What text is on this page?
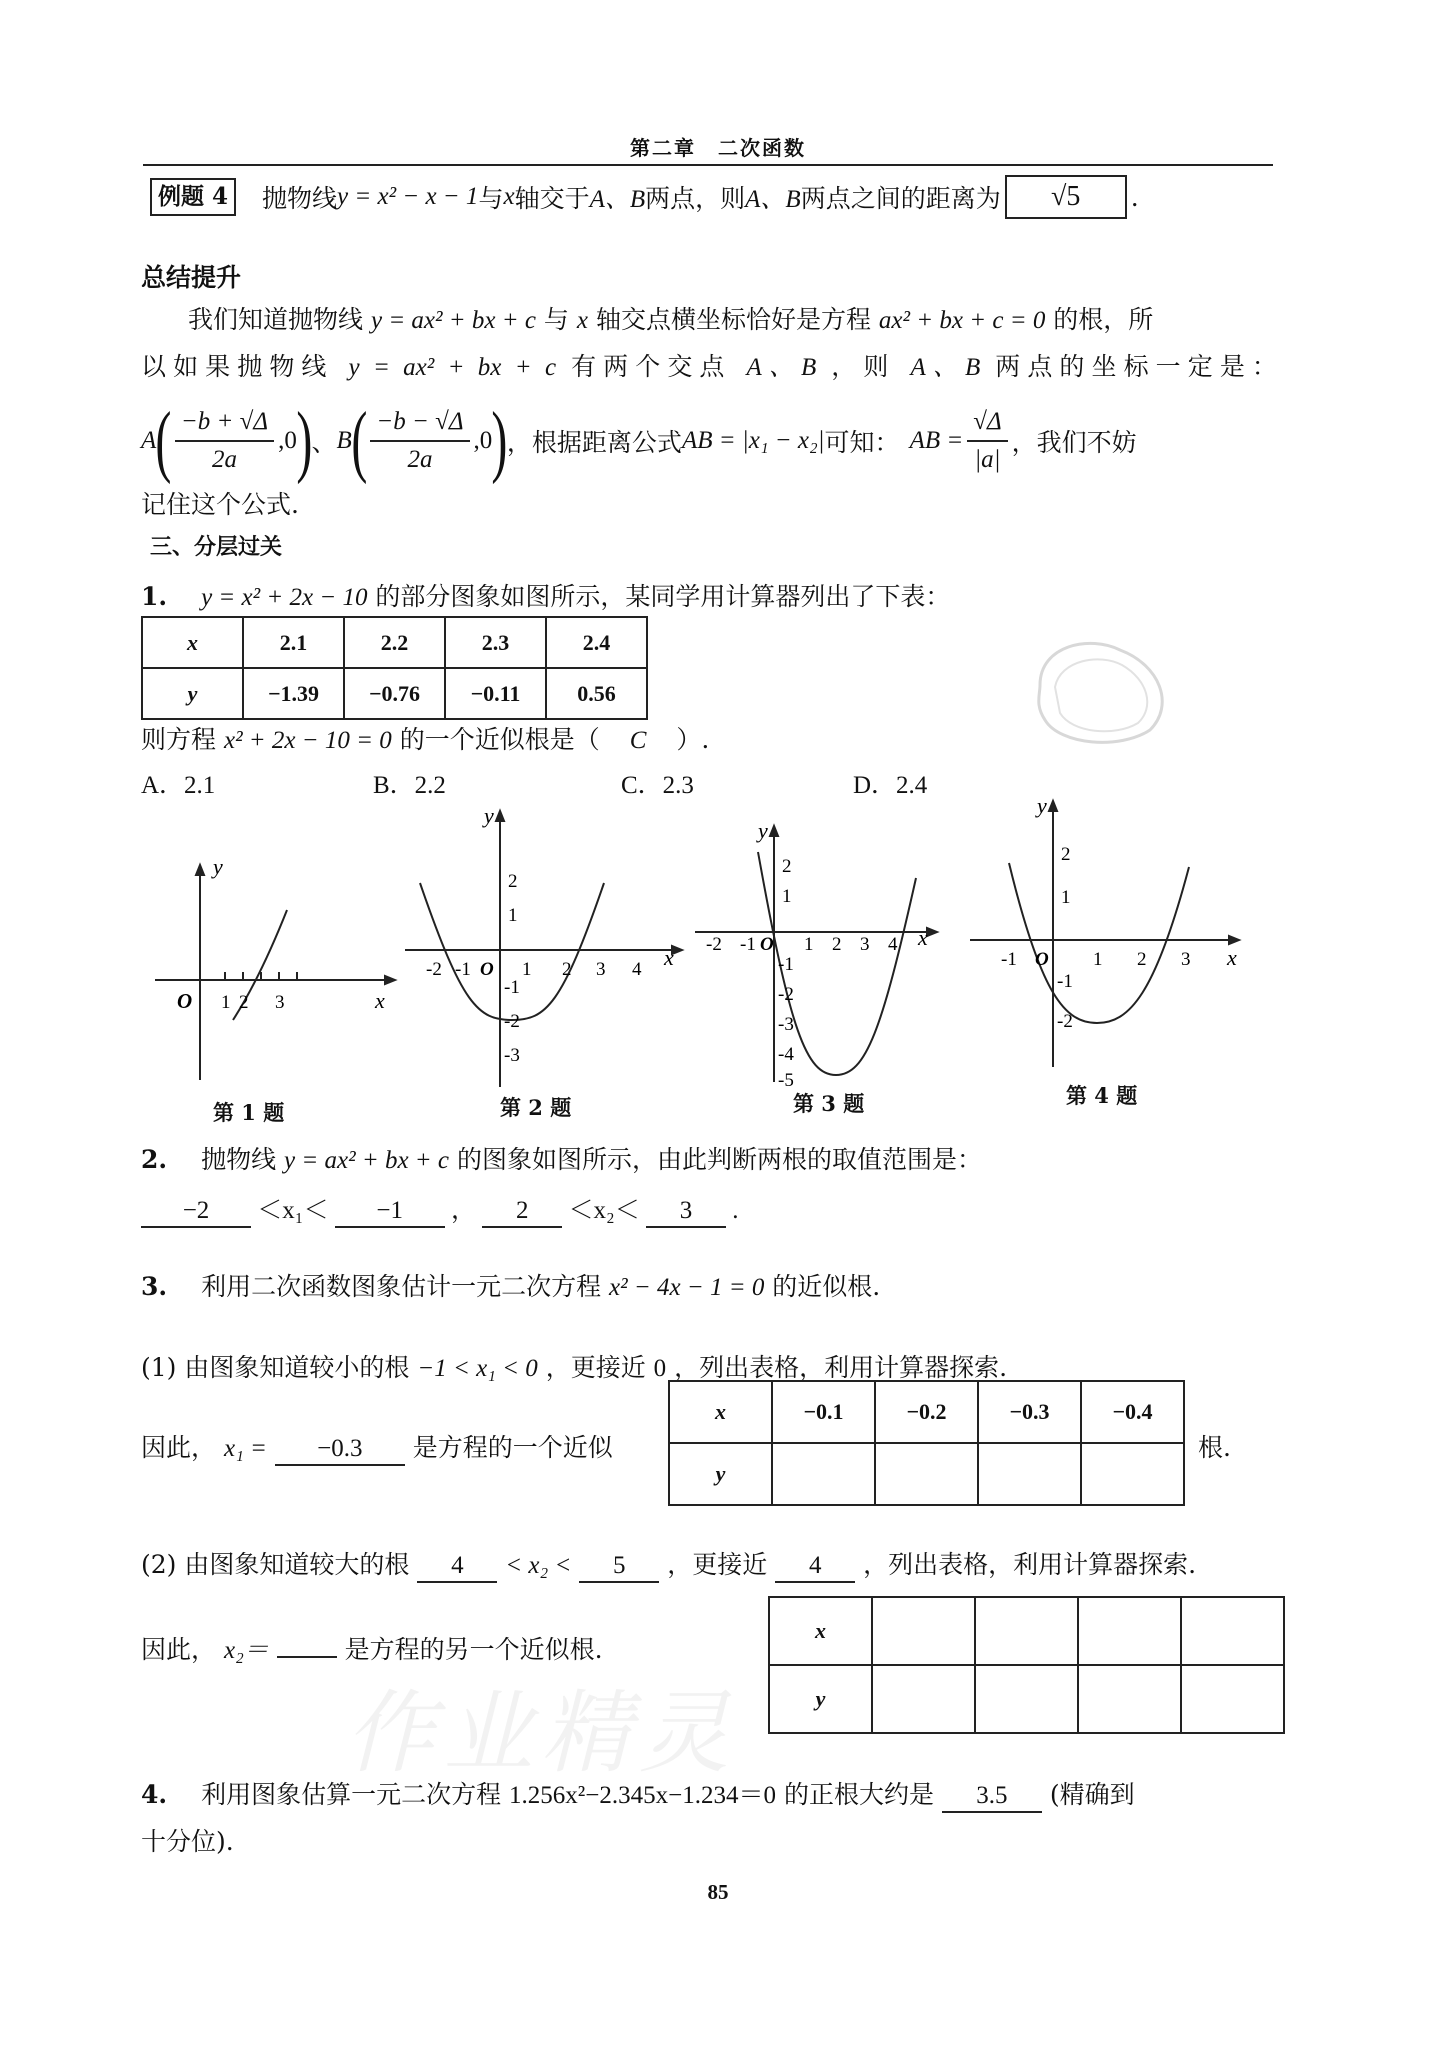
第二章　二次函数
例题 4	抛物线 y = x² − x − 1 与 x 轴交于 A、B 两点，则 A、B 两点之间的距离为	√5	.
总结提升
我们知道抛物线 y = ax² + bx + c 与 x 轴交点横坐标恰好是方程 ax² + bx + c = 0 的根，所
以如果抛物线 y = ax² + bx + c 有两个交点 A、B ，则 A、B 两点的坐标一定是：
A ( $\frac{-b + √\Delta}{2a} ,0$ ) 、 B ( $\frac{-b - √\Delta}{2a} ,0$ ) ，根据距离公式 AB = |x₁ − x₂| 可知： AB = $\frac{√\Delta}{|a|}$ ，我们不妨
记住这个公式.
三、分层过关
1. y = x² + 2x − 10 的部分图象如图所示，某同学用计算器列出了下表：
x	2.1	2.2	2.3	2.4
y	−1.39	−0.76	−0.11	0.56
则方程 x² + 2x − 10 = 0 的一个近似根是（ C ）.
A．2.1	B．2.2	C．2.3	D．2.4
y
x
O 1 2 3
第 1 题
-2 -1 O 1 2 3 4 x
y
2
1
-1
-2
-3
第 2 题
-2 -1 O 1 2 3 4 x
y
2
1
-1
-2
-3
-4
-5
第 3 题
-1 O 1 2 3 x
y
2
1
-1
-2
第 4 题
2. 抛物线 y = ax² + bx + c 的图象如图所示，由此判断两根的取值范围是：
−2 ＜x₁＜ −1 ， 2 ＜x₂＜ 3 .
3. 利用二次函数图象估计一元二次方程 x² − 4x − 1 = 0 的近似根.
(1) 由图象知道较小的根 −1 < x₁ < 0 ，更接近 0 ，列出表格，利用计算器探索.
因此， x₁ = −0.3 是方程的一个近似
x	−0.1	−0.2	−0.3	−0.4
y				
根.
(2) 由图象知道较大的根 4 < x₂ < 5 ，更接近 4 ，列出表格，利用计算器探索.
因此， x₂＝	是方程的另一个近似根.
x				
y				
作业精灵
4. 利用图象估算一元二次方程 1.256x²−2.345x−1.234＝0 的正根大约是 3.5 (精确到
十分位).
85
